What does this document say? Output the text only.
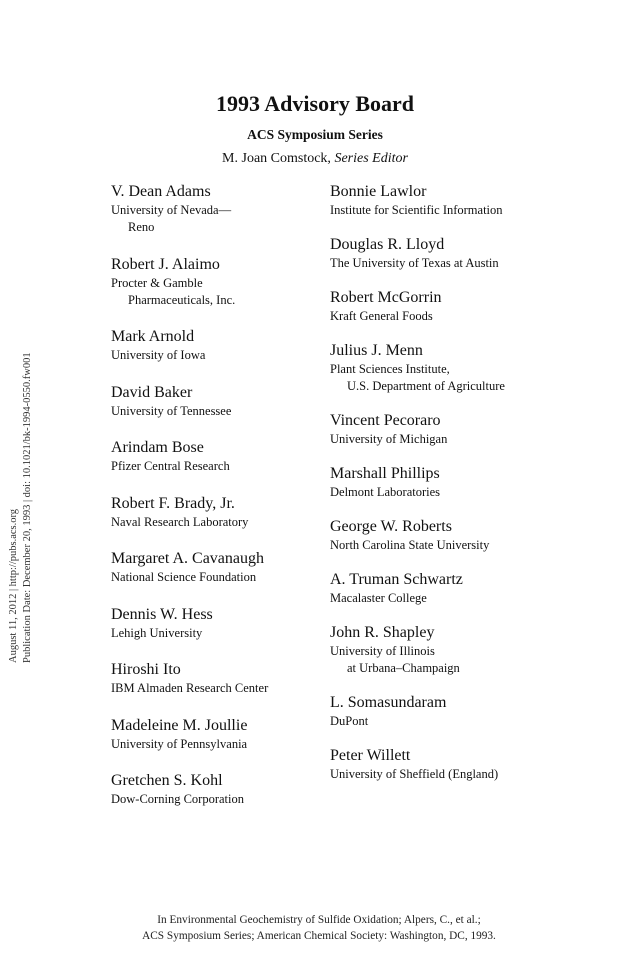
August 11, 2012 | http://pubs.acs.org Publication Date: December 20, 1993 | doi: 10.1021/bk-1994-0550.fw001
1993 Advisory Board
ACS Symposium Series
M. Joan Comstock, Series Editor
V. Dean Adams
University of Nevada—
Reno
Robert J. Alaimo
Procter & Gamble
Pharmaceuticals, Inc.
Mark Arnold
University of Iowa
David Baker
University of Tennessee
Arindam Bose
Pfizer Central Research
Robert F. Brady, Jr.
Naval Research Laboratory
Margaret A. Cavanaugh
National Science Foundation
Dennis W. Hess
Lehigh University
Hiroshi Ito
IBM Almaden Research Center
Madeleine M. Joullie
University of Pennsylvania
Gretchen S. Kohl
Dow-Corning Corporation
Bonnie Lawlor
Institute for Scientific Information
Douglas R. Lloyd
The University of Texas at Austin
Robert McGorrin
Kraft General Foods
Julius J. Menn
Plant Sciences Institute,
U.S. Department of Agriculture
Vincent Pecoraro
University of Michigan
Marshall Phillips
Delmont Laboratories
George W. Roberts
North Carolina State University
A. Truman Schwartz
Macalaster College
John R. Shapley
University of Illinois
at Urbana–Champaign
L. Somasundaram
DuPont
Peter Willett
University of Sheffield (England)
In Environmental Geochemistry of Sulfide Oxidation; Alpers, C., et al.;
ACS Symposium Series; American Chemical Society: Washington, DC, 1993.
